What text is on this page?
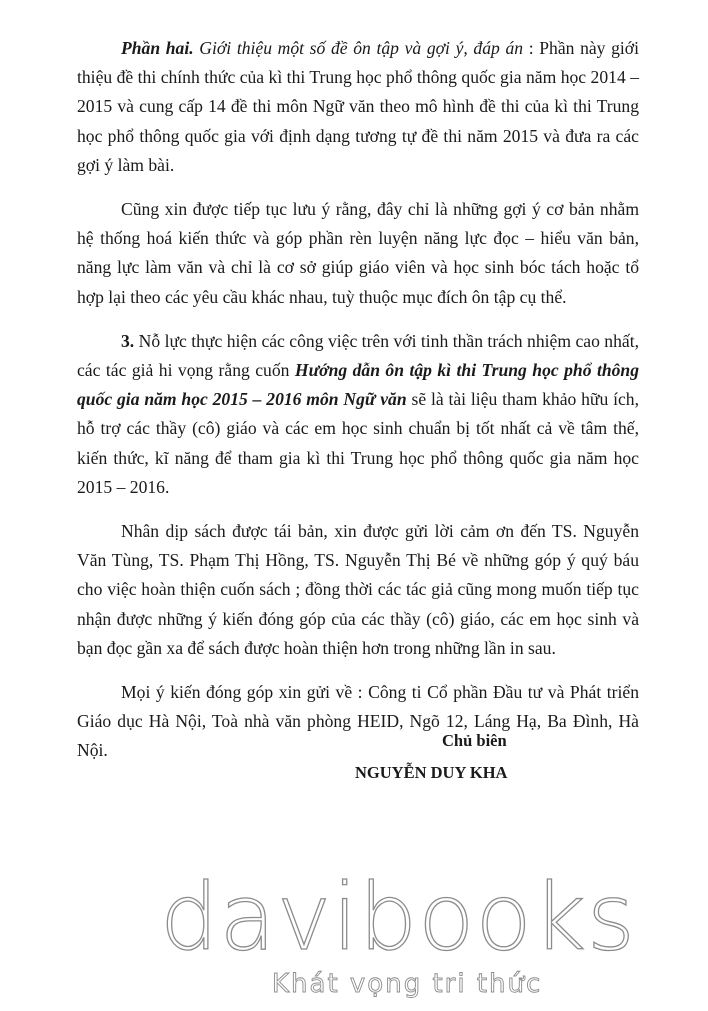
Phần hai. Giới thiệu một số đề ôn tập và gợi ý, đáp án : Phần này giới thiệu đề thi chính thức của kì thi Trung học phổ thông quốc gia năm học 2014 – 2015 và cung cấp 14 đề thi môn Ngữ văn theo mô hình đề thi của kì thi Trung học phổ thông quốc gia với định dạng tương tự đề thi năm 2015 và đưa ra các gợi ý làm bài.

Cũng xin được tiếp tục lưu ý rằng, đây chỉ là những gợi ý cơ bản nhằm hệ thống hoá kiến thức và góp phần rèn luyện năng lực đọc – hiểu văn bản, năng lực làm văn và chỉ là cơ sở giúp giáo viên và học sinh bóc tách hoặc tổ hợp lại theo các yêu cầu khác nhau, tuỳ thuộc mục đích ôn tập cụ thể.

3. Nỗ lực thực hiện các công việc trên với tinh thần trách nhiệm cao nhất, các tác giả hi vọng rằng cuốn Hướng dẫn ôn tập kì thi Trung học phổ thông quốc gia năm học 2015 – 2016 môn Ngữ văn sẽ là tài liệu tham khảo hữu ích, hỗ trợ các thầy (cô) giáo và các em học sinh chuẩn bị tốt nhất cả về tâm thế, kiến thức, kĩ năng để tham gia kì thi Trung học phổ thông quốc gia năm học 2015 – 2016.

Nhân dịp sách được tái bản, xin được gửi lời cảm ơn đến TS. Nguyễn Văn Tùng, TS. Phạm Thị Hồng, TS. Nguyễn Thị Bé về những góp ý quý báu cho việc hoàn thiện cuốn sách ; đồng thời các tác giả cũng mong muốn tiếp tục nhận được những ý kiến đóng góp của các thầy (cô) giáo, các em học sinh và bạn đọc gần xa để sách được hoàn thiện hơn trong những lần in sau.

Mọi ý kiến đóng góp xin gửi về : Công ti Cổ phần Đầu tư và Phát triển Giáo dục Hà Nội, Toà nhà văn phòng HEID, Ngõ 12, Láng Hạ, Ba Đình, Hà Nội.	Chủ biên
NGUYỄN DUY KHA
davibooks
Khát vọng tri thức
